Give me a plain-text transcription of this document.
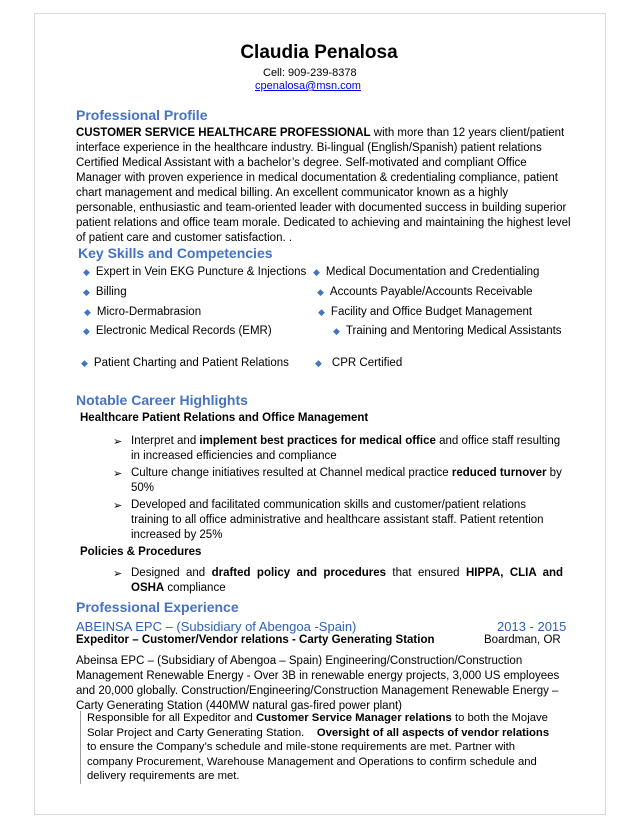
Claudia Penalosa
Cell: 909-239-8378
cpenalosa@msn.com
Professional Profile
CUSTOMER SERVICE HEALTHCARE PROFESSIONAL with more than 12 years client/patient
interface experience in the healthcare industry. Bi-lingual (English/Spanish) patient relations
Certified Medical Assistant with a bachelor’s degree. Self-motivated and compliant Office
Manager with proven experience in medical documentation & credentialing compliance, patient
chart management and medical billing. An excellent communicator known as a highly
personable, enthusiastic and team-oriented leader with documented success in building superior
patient relations and office team morale. Dedicated to achieving and maintaining the highest level
of patient care and customer satisfaction. .
Key Skills and Competencies
◆ Expert in Vein EKG Puncture & Injections ◆ Medical Documentation and Credentialing
◆ Billing	◆ Accounts Payable/Accounts Receivable
◆ Micro-Dermabrasion	◆ Facility and Office Budget Management
◆ Electronic Medical Records (EMR)	◆ Training and Mentoring Medical Assistants
◆ Patient Charting and Patient Relations	◆ CPR Certified
Notable Career Highlights
Healthcare Patient Relations and Office Management
➢ Interpret and implement best practices for medical office and office staff resulting
in increased efficiencies and compliance
➢ Culture change initiatives resulted at Channel medical practice reduced turnover by
50%
➢ Developed and facilitated communication skills and customer/patient relations
training to all office administrative and healthcare assistant staff. Patient retention
increased by 25%
Policies & Procedures
➢ Designed  and  drafted  policy  and  procedures  that  ensured  HIPPA,  CLIA  and
OSHA compliance
Professional Experience
ABEINSA EPC – (Subsidiary of Abengoa -Spain)	2013 - 2015
Expeditor – Customer/Vendor relations - Carty Generating Station	Boardman, OR
Abeinsa EPC – (Subsidiary of Abengoa – Spain) Engineering/Construction/Construction
Management Renewable Energy - Over 3B in renewable energy projects, 3,000 US employees
and 20,000 globally. Construction/Engineering/Construction Management Renewable Energy –
Carty Generating Station (440MW natural gas-fired power plant)
Responsible for all Expeditor and Customer Service Manager relations to both the Mojave
Solar Project and Carty Generating Station.    Oversight of all aspects of vendor relations
to ensure the Company’s schedule and mile-stone requirements are met. Partner with
company Procurement, Warehouse Management and Operations to confirm schedule and
delivery requirements are met.
